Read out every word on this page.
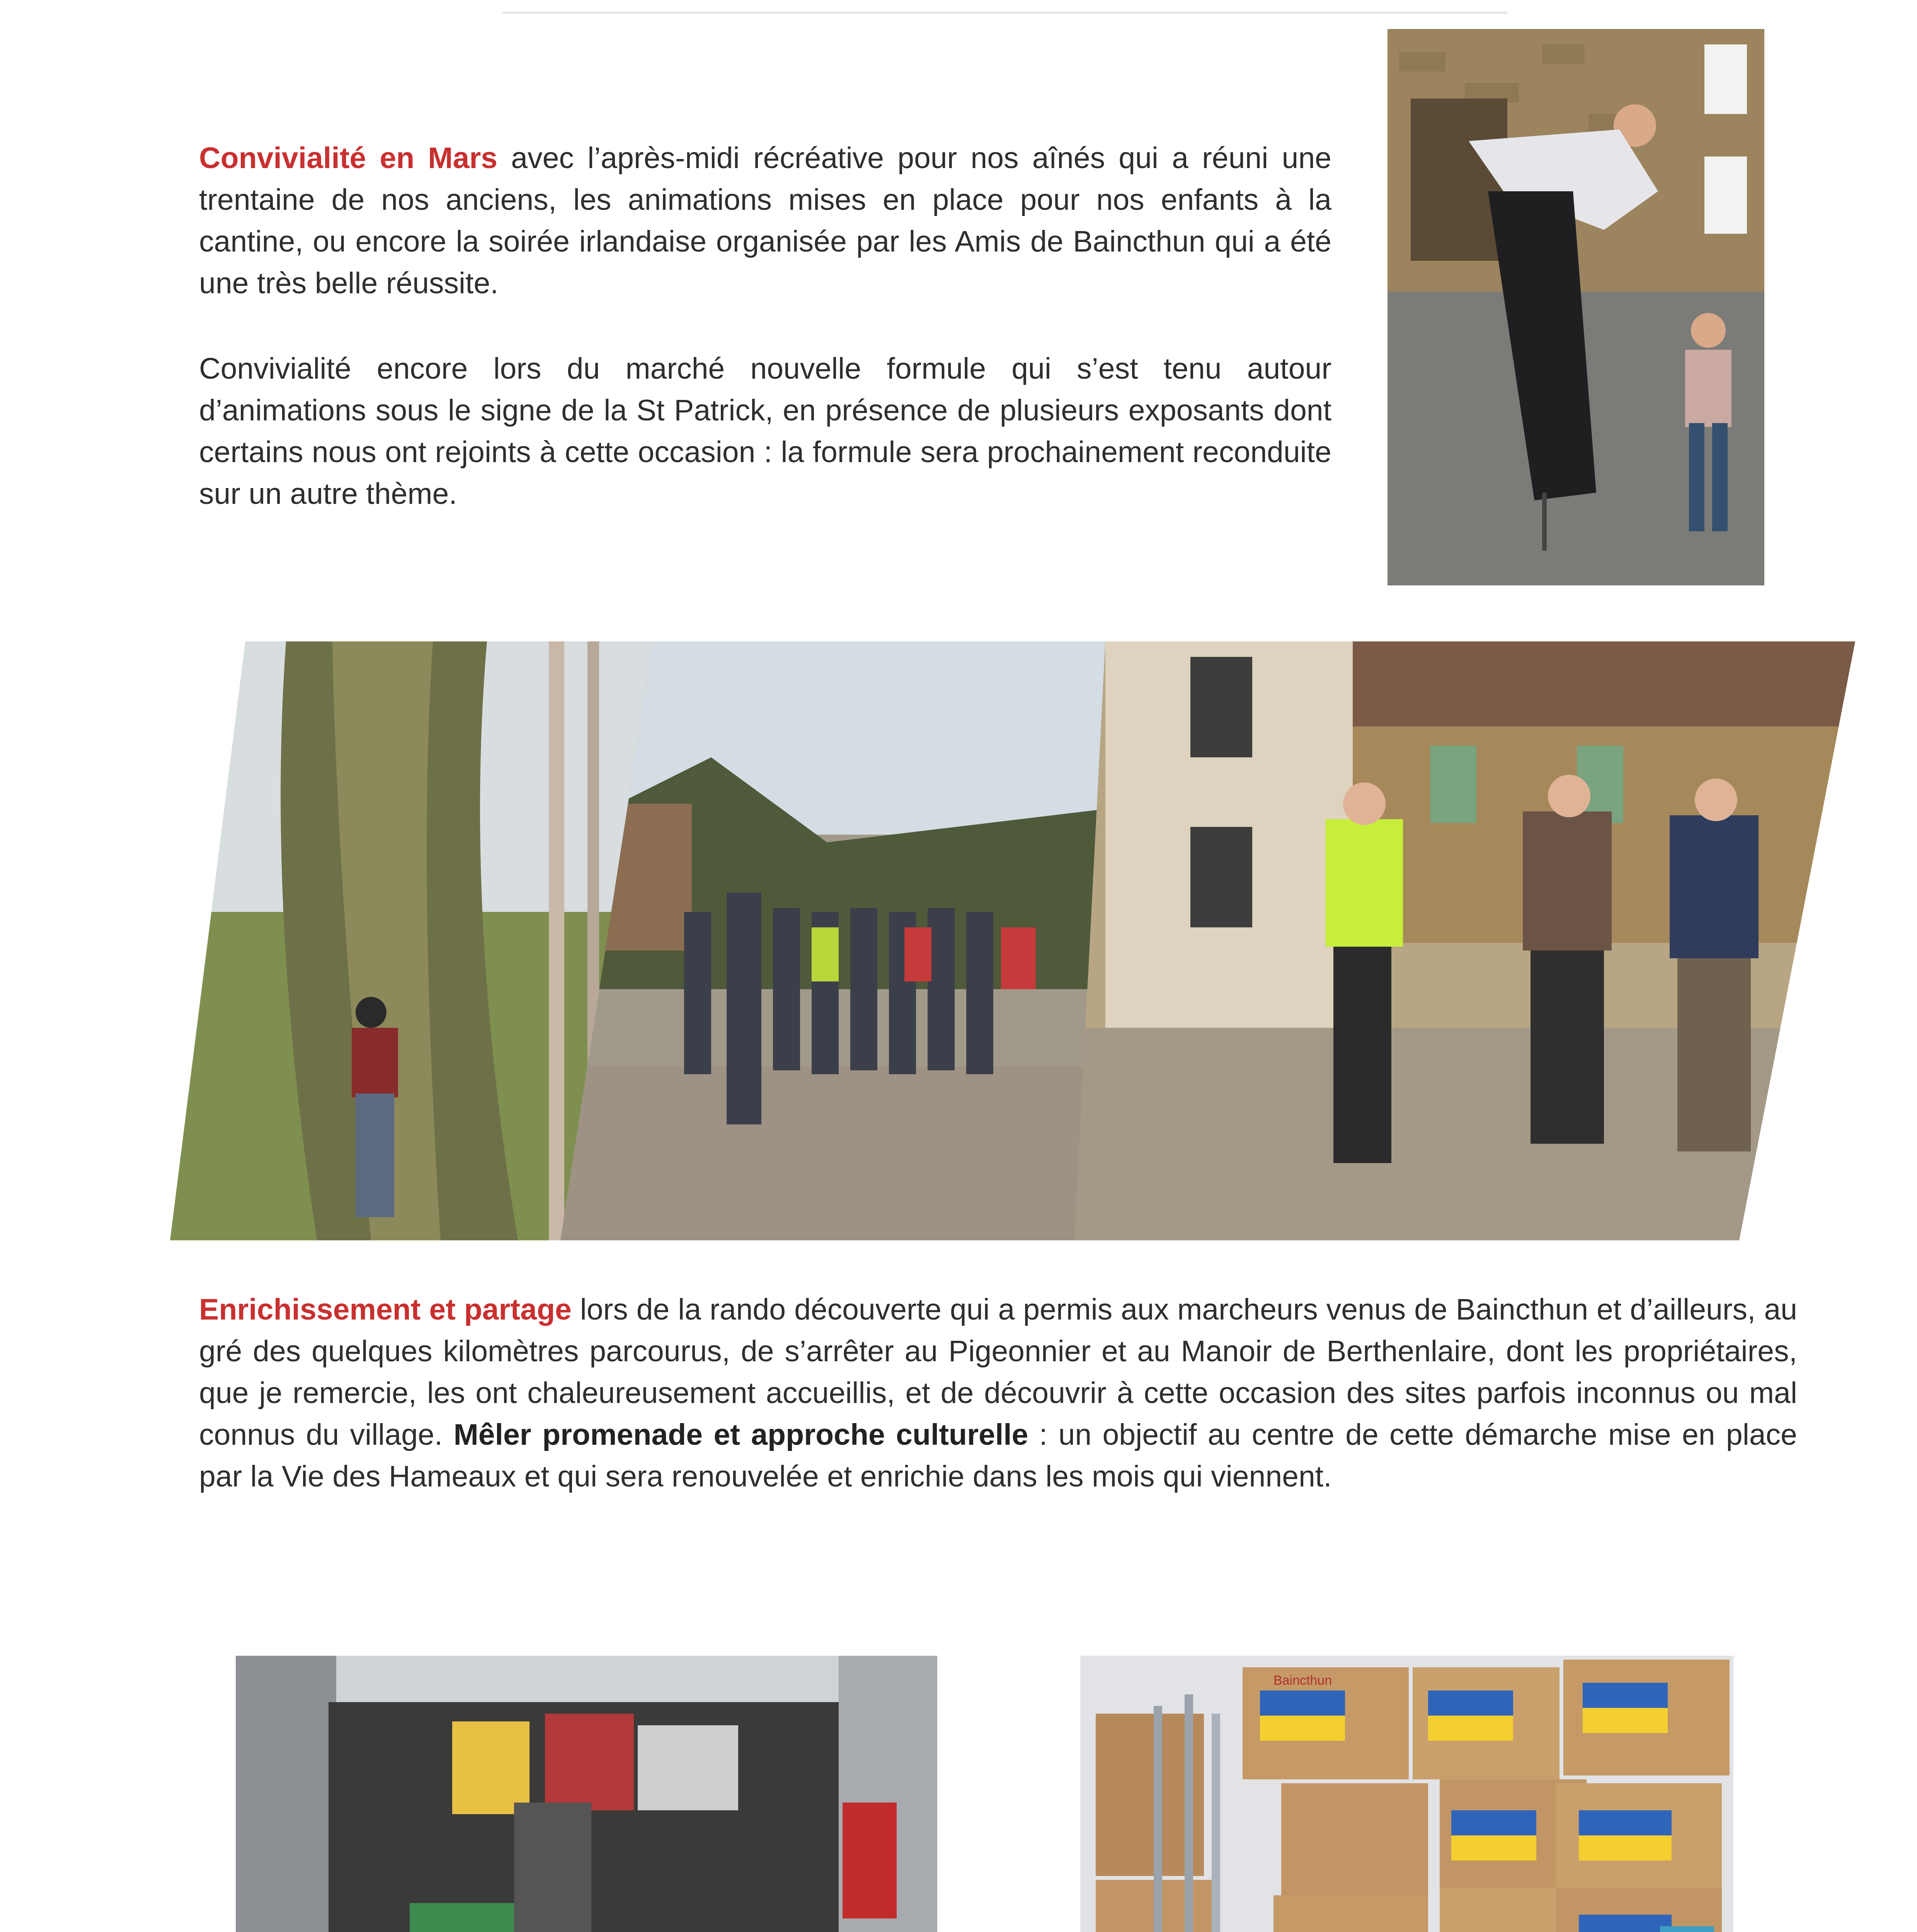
Convivialité en Mars avec l’après-midi récréative pour nos aînés qui a réuni une trentaine de nos anciens, les animations mises en place pour nos enfants à la cantine, ou encore la soirée irlandaise organisée par les Amis de Baincthun qui a été une très belle réussite.

Convivialité encore lors du marché nouvelle formule qui s’est tenu autour d’animations sous le signe de la St Patrick, en présence de plusieurs exposants dont certains nous ont rejoints à cette occasion : la formule sera prochainement reconduite sur un autre thème.

Enrichissement et partage lors de la rando découverte qui a permis aux marcheurs venus de Baincthun et d’ailleurs, au gré des quelques kilomètres parcourus, de s’arrêter au Pigeonnier et au Manoir de Berthenlaire, dont les propriétaires, que je remercie, les ont chaleureusement accueillis, et de découvrir à cette occasion des sites parfois inconnus ou mal connus du village. Mêler promenade et approche culturelle : un objectif au centre de cette démarche mise en place par la Vie des Hameaux et qui sera renouvelée et enrichie dans les mois qui viennent.

Baincthun
